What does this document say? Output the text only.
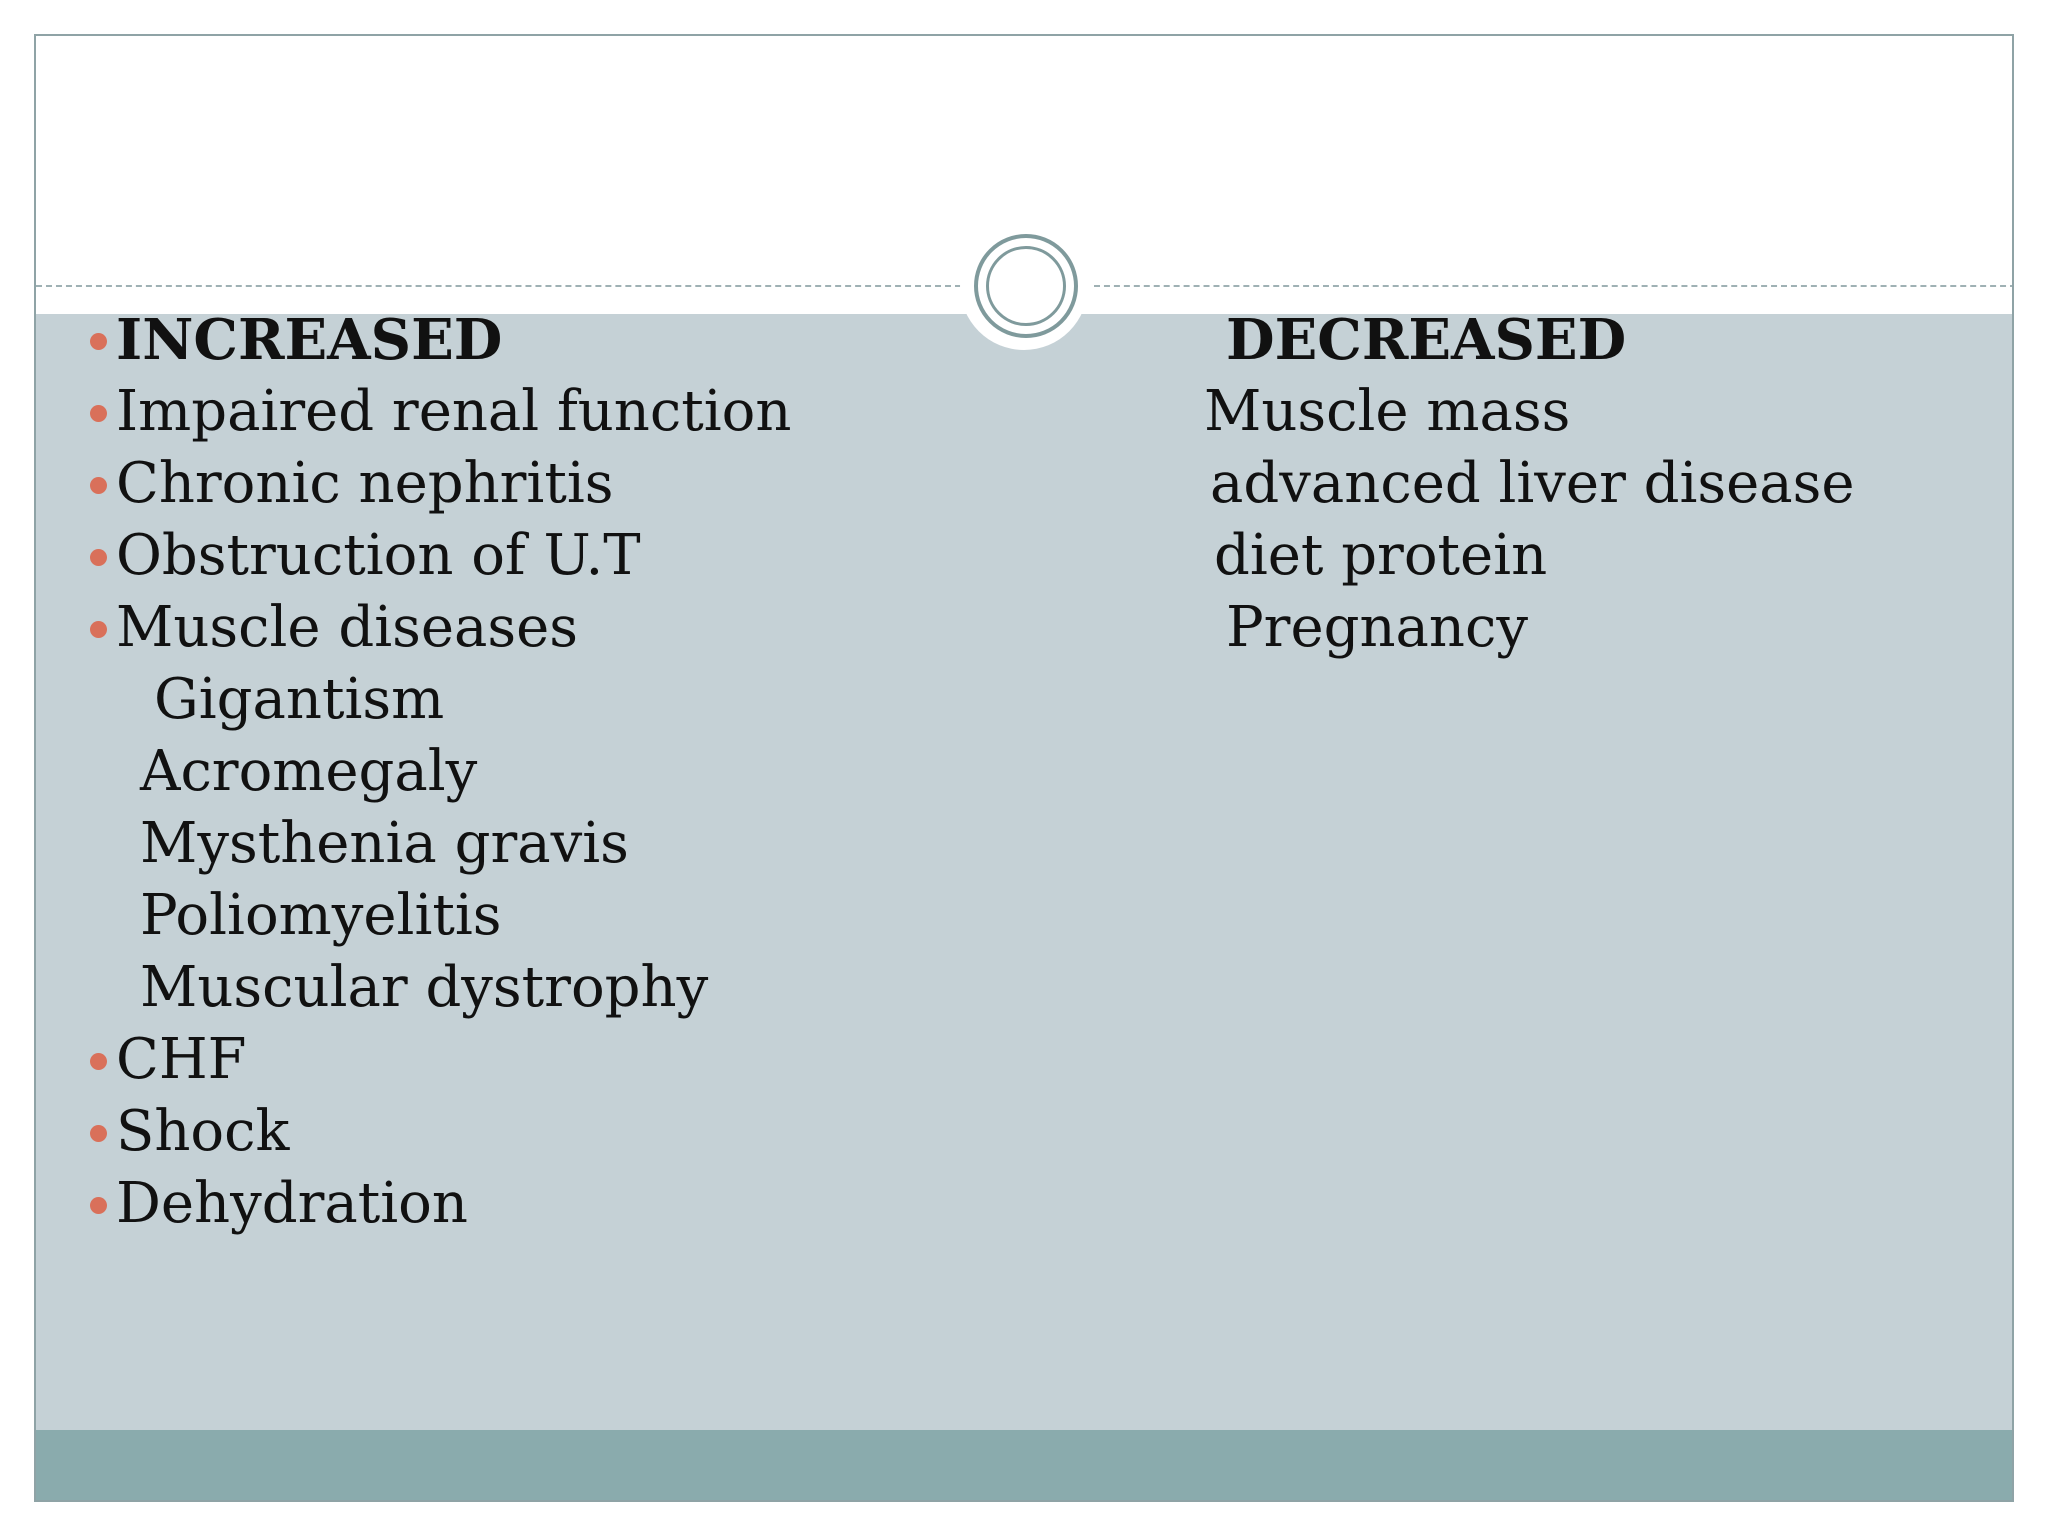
INCREASED
Impaired renal function
Chronic nephritis
Obstruction of U.T
Muscle diseases
Gigantism
Acromegaly
Mysthenia gravis
Poliomyelitis
Muscular dystrophy
CHF
Shock
Dehydration
DECREASED
Muscle mass
advanced liver disease
diet protein
Pregnancy
